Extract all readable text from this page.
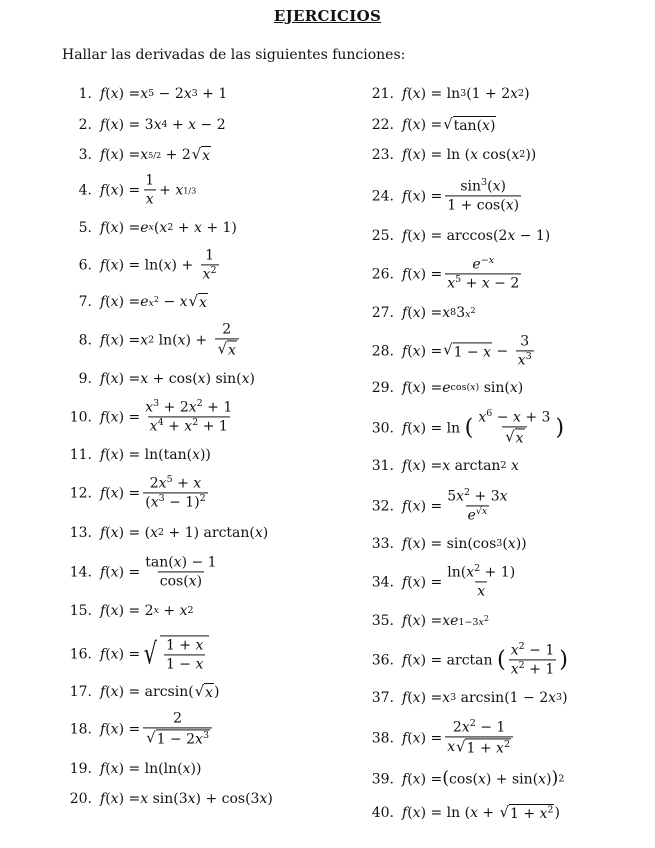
EJERCICIOS
Hallar las derivadas de las siguientes funciones:
1. f ( x ) = x 5 − 2 x 3 + 1
2. f ( x ) = 3 x 4 + x − 2
3. f ( x ) = x 5/2 + 2 √ x
4. f ( x ) = $\frac{1}{x} + x$ 1/3
5. f ( x ) = e x ( x 2 + x + 1)
6. f ( x ) = ln( x ) + $\frac{1}{x^2}$
7. f ( x ) = e $x^2 - x$ √ x
8. f ( x ) = x 2 ln( x ) + $\frac{2}{√ x}$
9. f ( x ) = x + cos( x ) sin( x )
10. f ( x ) = $\frac{x^3 + 2x^2 + 1}{x^4 + x^2 + 1}$
11. f ( x ) = ln(tan( x ))
12. f ( x ) = $\frac{2x^5 + x}{(x^3 - 1)^2}$
13. f ( x ) = ( x 2 + 1) arctan( x )
14. f ( x ) = $\frac{\tan(x) - 1}{\cos(x)}$
15. f ( x ) = 2 x + x 2
16. f ( x ) = √ $\frac{1 + x}{1 - x}$
17. f ( x ) = arcsin( √ x )
18. f ( x ) = $\frac{2}{√ 1 - 2x^3}$
19. f ( x ) = ln(ln( x ))
20. f ( x ) = x sin(3 x ) + cos(3 x )
21. f ( x ) = ln 3 (1 + 2 x 2 )
22. f ( x ) = √ tan(x)
23. f ( x ) = ln ( x cos( x 2 ))
24. f ( x ) = $\frac{\sin^3(x)}{1 + \cos(x)}$
25. f ( x ) = arccos(2 x − 1)
26. f ( x ) = $\frac{e^{-x}}{x^5 + x - 2}$
27. f ( x ) = x 8 3 $x^2$
28. f ( x ) = √ $1 - x - \frac{3}{x^3}$
29. f ( x ) = e cos(x) sin( x )
30. f ( x ) = ln ( $\frac{x^6 - x + 3}{√ x}$ )
31. f ( x ) = x arctan 2
x
32. f ( x ) = $\frac{5x^2 + 3x}{e^{√x}}$
33. f ( x ) = sin(cos 3 ( x ))
34. f ( x ) = $\frac{\ln(x^2 + 1)}{x}$
35. f ( x ) = xe $1-3x^2$
36. f ( x ) = arctan ( $\frac{x^2 - 1}{x^2 + 1}$ )
37. f ( x ) = x 3 arcsin(1 − 2 x 3 )
38. f ( x ) = $\frac{2x^2 - 1}{x √ 1 + x^2}$
39. f ( x ) = ( cos( x ) + sin( x ) ) 2
40. f ( x ) = ln ( x + √ $1 + x^2$ )
